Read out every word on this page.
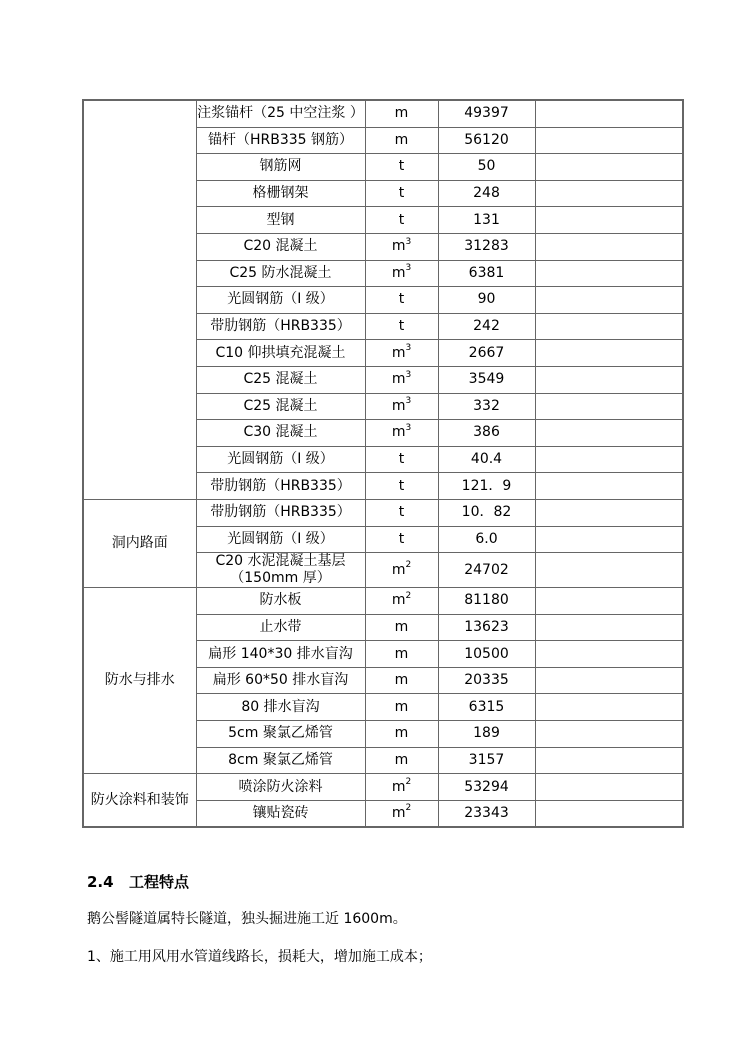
	注浆锚杆（25 中空注浆 ）	m	49397	
	锚杆（HRB335 钢筋）	m	56120	
	钢筋网	t	50	
	格栅钢架	t	248	
	型钢	t	131	
	C20 混凝土	$m^3$	31283	
	C25 防水混凝土	$m^3$	6381	
	光圆钢筋（I 级）	t	90	
	带肋钢筋（HRB335）	t	242	
	C10 仰拱填充混凝土	$m^3$	2667	
	C25 混凝土	$m^3$	3549	
	C25 混凝土	$m^3$	332	
	C30 混凝土	$m^3$	386	
	光圆钢筋（I 级）	t	40.4	
	带肋钢筋（HRB335）	t	121．9	
洞内路面	带肋钢筋（HRB335）	t	10．82	
	光圆钢筋（I 级）	t	6.0	
	C20 水泥混凝土基层
（150mm 厚）	$m^2$	24702	
防水与排水	防水板	$m^2$	81180	
	止水带	m	13623	
	扁形 140*30 排水盲沟	m	10500	
	扁形 60*50 排水盲沟	m	20335	
	80 排水盲沟	m	6315	
	5cm 聚氯乙烯管	m	189	
	8cm 聚氯乙烯管	m	3157	
防火涂料和装饰	喷涂防火涂料	$m^2$	53294	
	镶贴瓷砖	$m^2$	23343	
2.4 工程特点
鹅公髻隧道属特长隧道，独头掘进施工近 1600m。
1、施工用风用水管道线路长，损耗大，增加施工成本；
